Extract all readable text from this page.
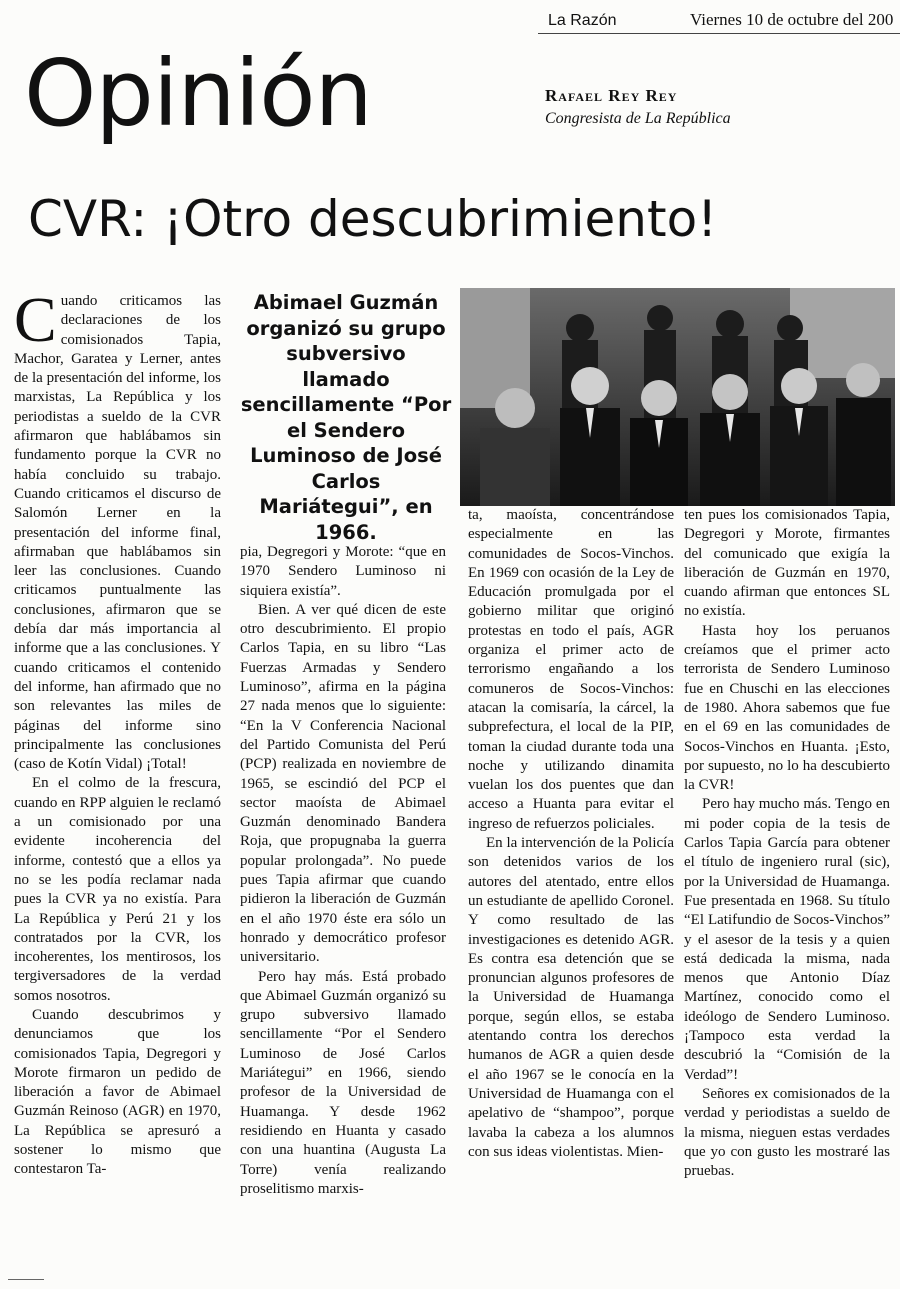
La Razón	Viernes 10 de octubre del 200
Opinión	Rafael Rey Rey
Congresista de La República
CVR: ¡Otro descubrimiento!

Cuando criticamos las declaraciones de los comisionados Tapia, Machor, Garatea y Lerner, antes de la presentación del informe, los marxistas, La República y los periodistas a sueldo de la CVR afirmaron que hablábamos sin fundamento porque la CVR no había concluido su trabajo. Cuando criticamos el discurso de Salomón Lerner en la presentación del informe final, afirmaban que hablábamos sin leer las conclusiones. Cuando criticamos puntualmente las conclusiones, afirmaron que se debía dar más importancia al informe que a las conclusiones. Y cuando criticamos el contenido del informe, han afirmado que no son relevantes las miles de páginas del informe sino principalmente las conclusiones (caso de Kotín Vidal) ¡Total!

En el colmo de la frescura, cuando en RPP alguien le reclamó a un comisionado por una evidente incoherencia del informe, contestó que a ellos ya no se les podía reclamar nada pues la CVR ya no existía. Para La República y Perú 21 y los contratados por la CVR, los incoherentes, los mentirosos, los tergiversadores de la verdad somos nosotros.

Cuando descubrimos y denunciamos que los comisionados Tapia, Degregori y Morote firmaron un pedido de liberación a favor de Abimael Guzmán Reinoso (AGR) en 1970, La República se apresuró a sostener lo mismo que contestaron Ta-

Abimael Guzmán organizó su grupo subversivo llamado sencillamente “Por el Sendero Luminoso de José Carlos Mariátegui”, en 1966.

pia, Degregori y Morote: “que en 1970 Sendero Luminoso ni siquiera existía”.

Bien. A ver qué dicen de este otro descubrimiento. El propio Carlos Tapia, en su libro “Las Fuerzas Armadas y Sendero Luminoso”, afirma en la página 27 nada menos que lo siguiente: “En la V Conferencia Nacional del Partido Comunista del Perú (PCP) realizada en noviembre de 1965, se escindió del PCP el sector maoísta de Abimael Guzmán denominado Bandera Roja, que propugnaba la guerra popular prolongada”. No puede pues Tapia afirmar que cuando pidieron la liberación de Guzmán en el año 1970 éste era sólo un honrado y democrático profesor universitario.

Pero hay más. Está probado que Abimael Guzmán organizó su grupo subversivo llamado sencillamente “Por el Sendero Luminoso de José Carlos Mariátegui” en 1966, siendo profesor de la Universidad de Huamanga. Y desde 1962 residiendo en Huanta y casado con una huantina (Augusta La Torre) venía realizando proselitismo marxis-

ta, maoísta, concentrándose especialmente en las comunidades de Socos-Vinchos. En 1969 con ocasión de la Ley de Educación promulgada por el gobierno militar que originó protestas en todo el país, AGR organiza el primer acto de terrorismo engañando a los comuneros de Socos-Vinchos: atacan la comisaría, la cárcel, la subprefectura, el local de la PIP, toman la ciudad durante toda una noche y utilizando dinamita vuelan los dos puentes que dan acceso a Huanta para evitar el ingreso de refuerzos policiales.

En la intervención de la Policía son detenidos varios de los autores del atentado, entre ellos un estudiante de apellido Coronel. Y como resultado de las investigaciones es detenido AGR. Es contra esa detención que se pronuncian algunos profesores de la Universidad de Huamanga porque, según ellos, se estaba atentando contra los derechos humanos de AGR a quien desde el año 1967 se le conocía en la Universidad de Huamanga con el apelativo de “shampoo”, porque lavaba la cabeza a los alumnos con sus ideas violentistas. Mien-

ten pues los comisionados Tapia, Degregori y Morote, firmantes del comunicado que exigía la liberación de Guzmán en 1970, cuando afirman que entonces SL no existía.

Hasta hoy los peruanos creíamos que el primer acto terrorista de Sendero Luminoso fue en Chuschi en las elecciones de 1980. Ahora sabemos que fue en el 69 en las comunidades de Socos-Vinchos en Huanta. ¡Esto, por supuesto, no lo ha descubierto la CVR!

Pero hay mucho más. Tengo en mi poder copia de la tesis de Carlos Tapia García para obtener el título de ingeniero rural (sic), por la Universidad de Huamanga. Fue presentada en 1968. Su título “El Latifundio de Socos-Vinchos” y el asesor de la tesis y a quien está dedicada la misma, nada menos que Antonio Díaz Martínez, conocido como el ideólogo de Sendero Luminoso. ¡Tampoco esta verdad la descubrió la “Comisión de la Verdad”!

Señores ex comisionados de la verdad y periodistas a sueldo de la misma, nieguen estas verdades que yo con gusto les mostraré las pruebas.
